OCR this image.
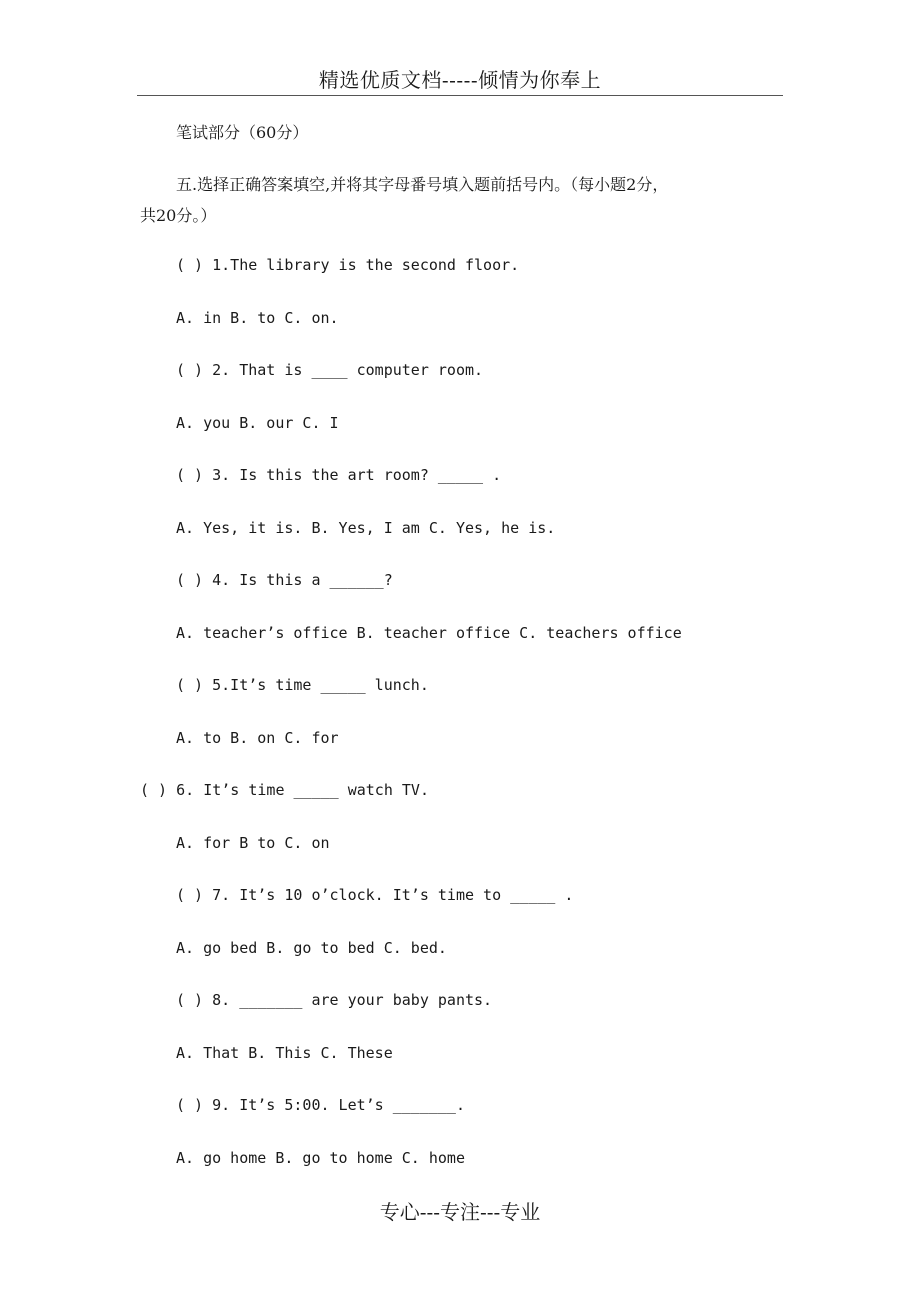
精选优质文档-----倾情为你奉上
笔试部分（60分）
五.选择正确答案填空,并将其字母番号填入题前括号内。（每小题2分，
共20分。）
( ) 1.The library is the second floor.
A. in B. to C. on.
( ) 2. That is ____ computer room.
A. you B. our C. I
( ) 3. Is this the art room? _____ .
A. Yes, it is. B. Yes, I am C. Yes, he is.
( ) 4. Is this a ______?
A. teacher’s office B. teacher office C. teachers office
( ) 5.It’s time _____ lunch.
A. to B. on C. for
( ) 6. It’s time _____ watch TV.
A. for B to C. on
( ) 7. It’s 10 o’clock. It’s time to _____ .
A. go bed B. go to bed C. bed.
( ) 8. _______ are your baby pants.
A. That B. This C. These
( ) 9. It’s 5:00. Let’s _______.
A. go home B. go to home C. home
专心---专注---专业
